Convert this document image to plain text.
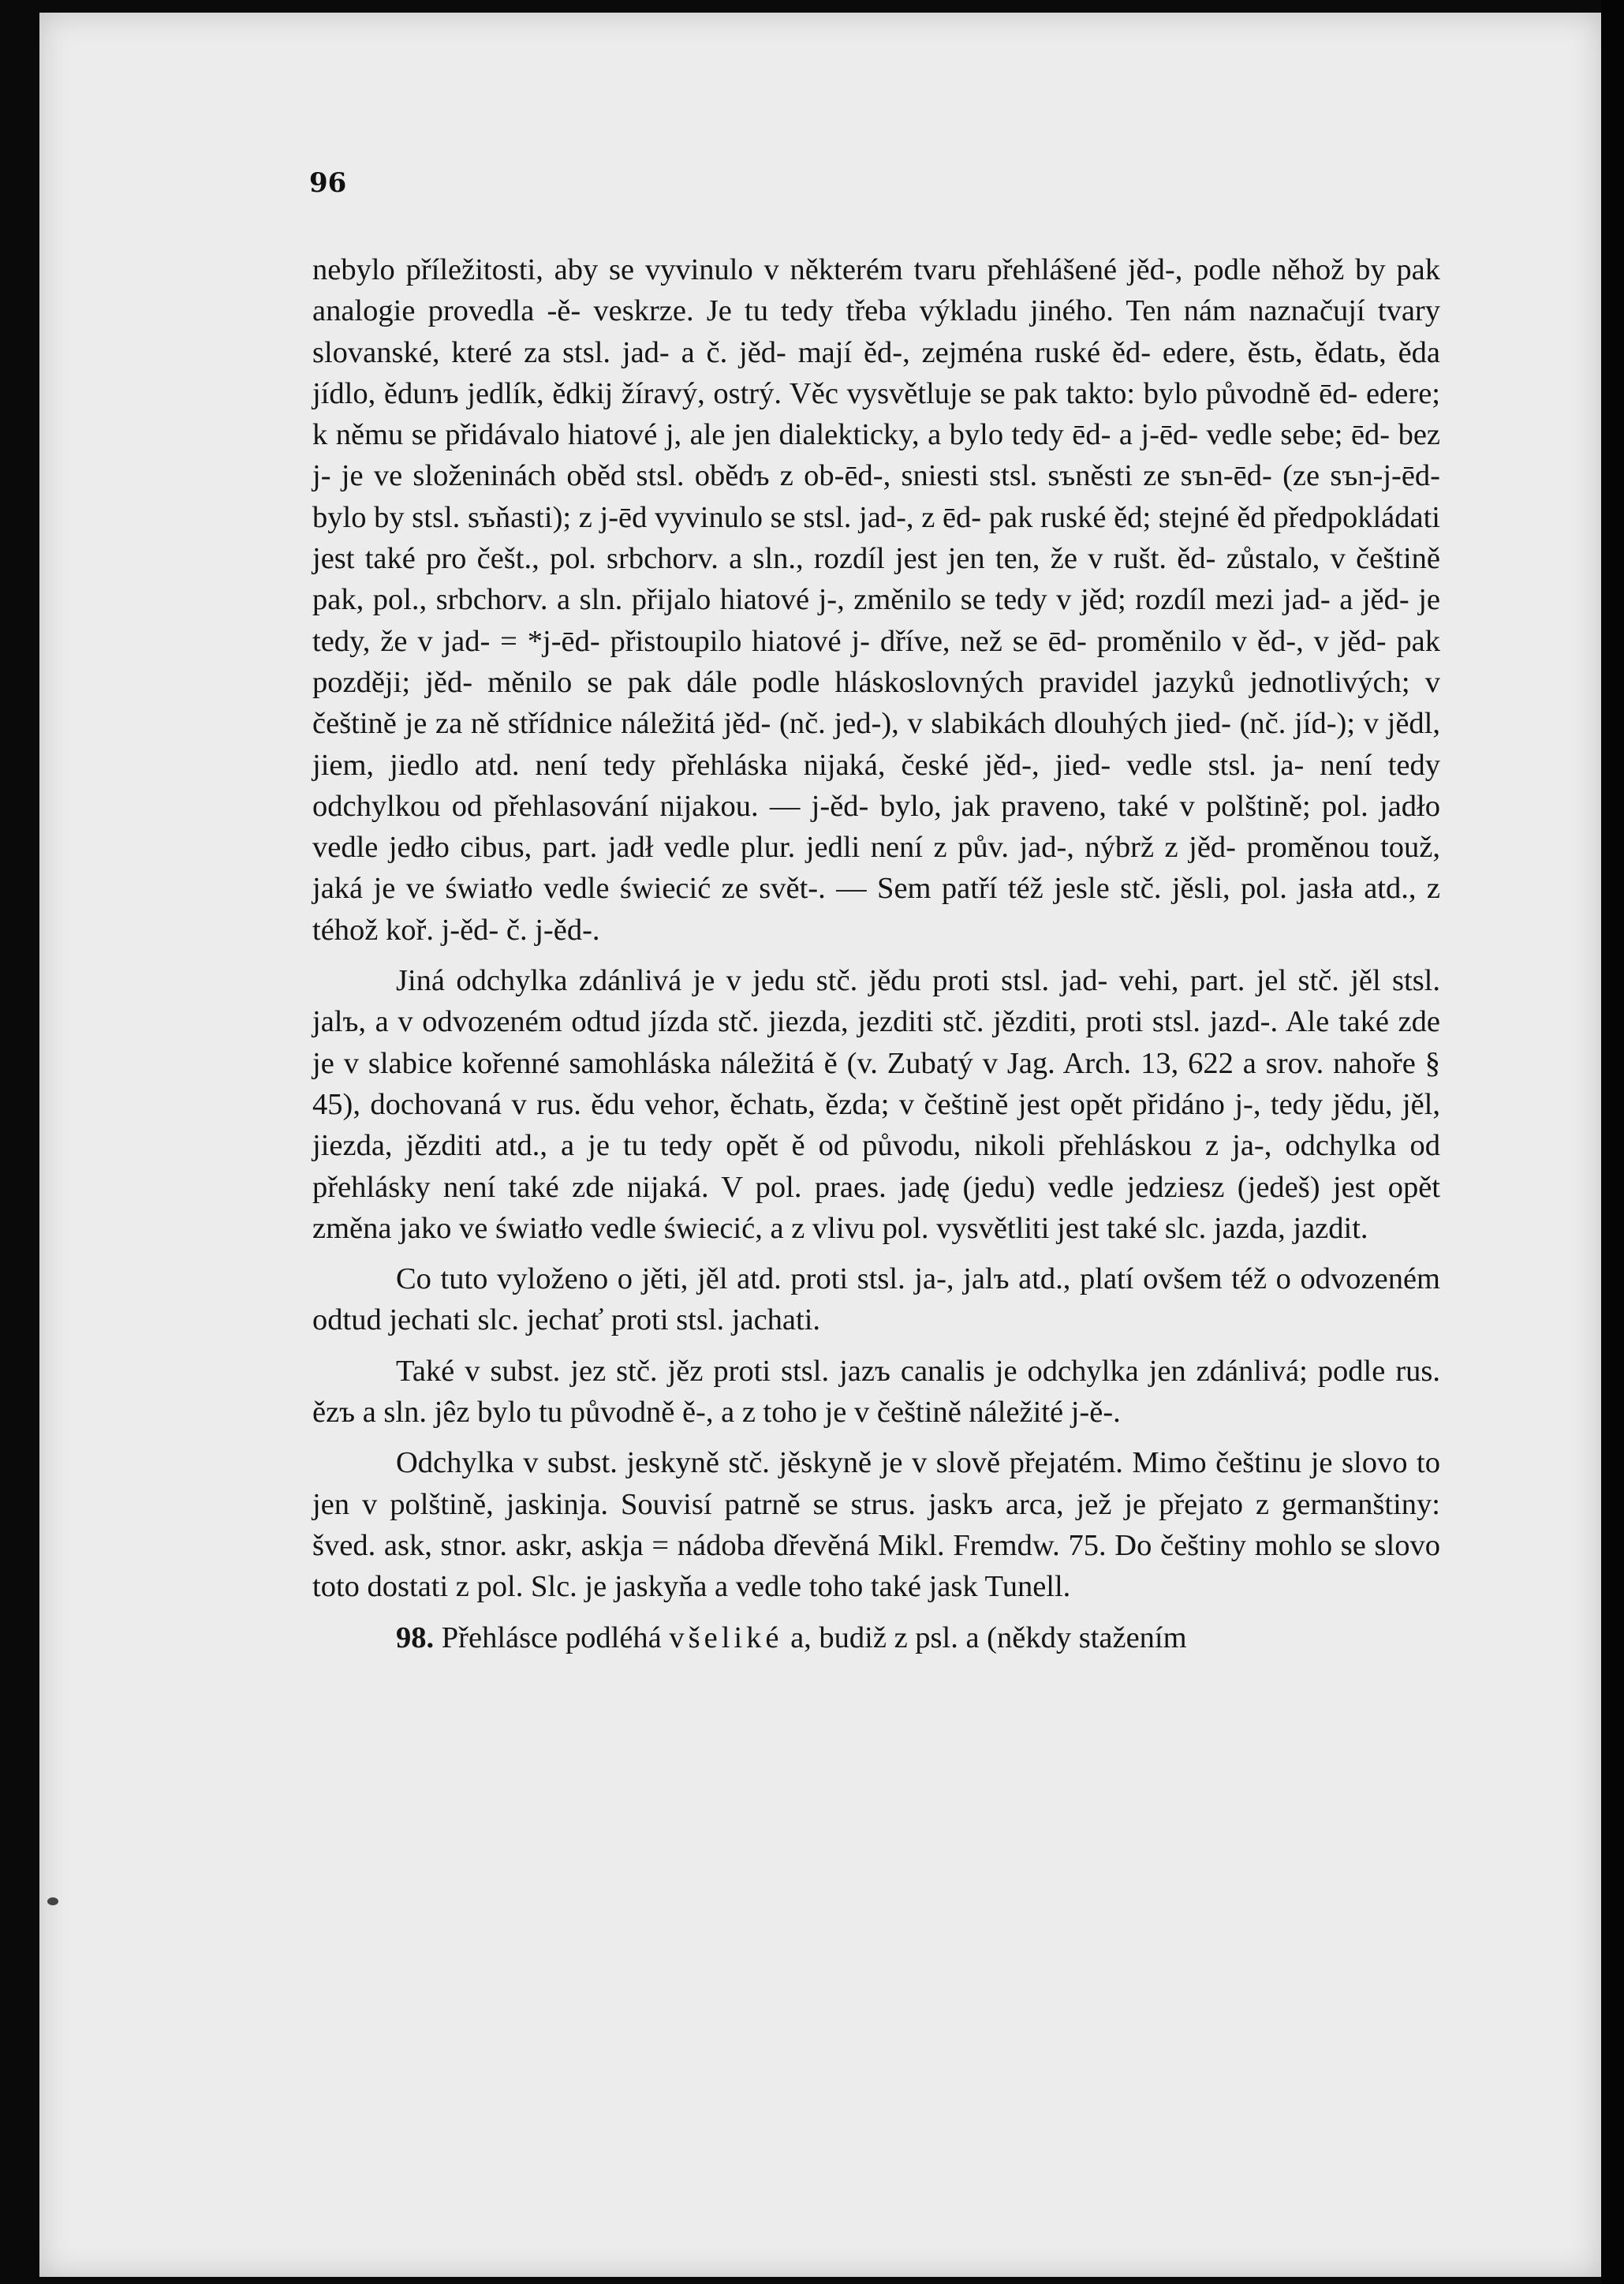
96

nebylo příležitosti, aby se vyvinulo v některém tvaru přehlášené jěd-, podle něhož by pak analogie provedla -ě- veskrze. Je tu tedy třeba výkladu jiného. Ten nám naznačují tvary slovanské, které za stsl. jad- a č. jěd- mají ěd-, zejména ruské ěd- edere, ěstь, ědatь, ěda jídlo, ědunъ jedlík, ědkij žíravý, ostrý. Věc vysvětluje se pak takto: bylo původně ēd- edere; k němu se přidávalo hiatové j, ale jen dialekticky, a bylo tedy ēd- a j-ēd- vedle sebe; ēd- bez j- je ve složeninách oběd stsl. obědъ z ob-ēd-, sniesti stsl. sъněsti ze sъn-ēd- (ze sъn-j-ēd- bylo by stsl. sъňasti); z j-ēd vyvinulo se stsl. jad-, z ēd- pak ruské ěd; stejné ěd předpokládati jest také pro češt., pol. srbchorv. a sln., rozdíl jest jen ten, že v rušt. ěd- zůstalo, v češtině pak, pol., srbchorv. a sln. přijalo hiatové j-, změnilo se tedy v jěd; rozdíl mezi jad- a jěd- je tedy, že v jad- = *j-ēd- přistoupilo hiatové j- dříve, než se ēd- proměnilo v ěd-, v jěd- pak později; jěd- měnilo se pak dále podle hláskoslovných pravidel jazyků jednotlivých; v češtině je za ně střídnice náležitá jěd- (nč. jed-), v slabikách dlouhých jied- (nč. jíd-); v jědl, jiem, jiedlo atd. není tedy přehláska nijaká, české jěd-, jied- vedle stsl. ja- není tedy odchylkou od přehlasování nijakou. — j-ěd- bylo, jak praveno, také v polštině; pol. jadło vedle jedło cibus, part. jadł vedle plur. jedli není z pův. jad-, nýbrž z jěd- proměnou touž, jaká je ve światło vedle świecić ze svět-. — Sem patří též jesle stč. jěsli, pol. jasła atd., z téhož koř. j-ěd- č. j-ěd-.

Jiná odchylka zdánlivá je v jedu stč. jědu proti stsl. jad- vehi, part. jel stč. jěl stsl. jalъ, a v odvozeném odtud jízda stč. jiezda, jezditi stč. jězditi, proti stsl. jazd-. Ale také zde je v slabice kořenné samohláska náležitá ě (v. Zubatý v Jag. Arch. 13, 622 a srov. nahoře § 45), dochovaná v rus. ědu vehor, ěchatь, ězda; v češtině jest opět přidáno j-, tedy jědu, jěl, jiezda, jězditi atd., a je tu tedy opět ě od původu, nikoli přehláskou z ja-, odchylka od přehlásky není také zde nijaká. V pol. praes. jadę (jedu) vedle jedziesz (jedeš) jest opět změna jako ve światło vedle świecić, a z vlivu pol. vysvětliti jest také slc. jazda, jazdit.

Co tuto vyloženo o jěti, jěl atd. proti stsl. ja-, jalъ atd., platí ovšem též o odvozeném odtud jechati slc. jechať proti stsl. jachati.

Také v subst. jez stč. jěz proti stsl. jazъ canalis je odchylka jen zdánlivá; podle rus. ězъ a sln. jêz bylo tu původně ě-, a z toho je v češtině náležité j-ě-.

Odchylka v subst. jeskyně stč. jěskyně je v slově přejatém. Mimo češtinu je slovo to jen v polštině, jaskinja. Souvisí patrně se strus. jaskъ arca, jež je přejato z germanštiny: šved. ask, stnor. askr, askja = nádoba dřevěná Mikl. Fremdw. 75. Do češtiny mohlo se slovo toto dostati z pol. Slc. je jaskyňa a vedle toho také jask Tunell.

98. Přehlásce podléhá všeliké a, budiž z psl. a (někdy stažením
